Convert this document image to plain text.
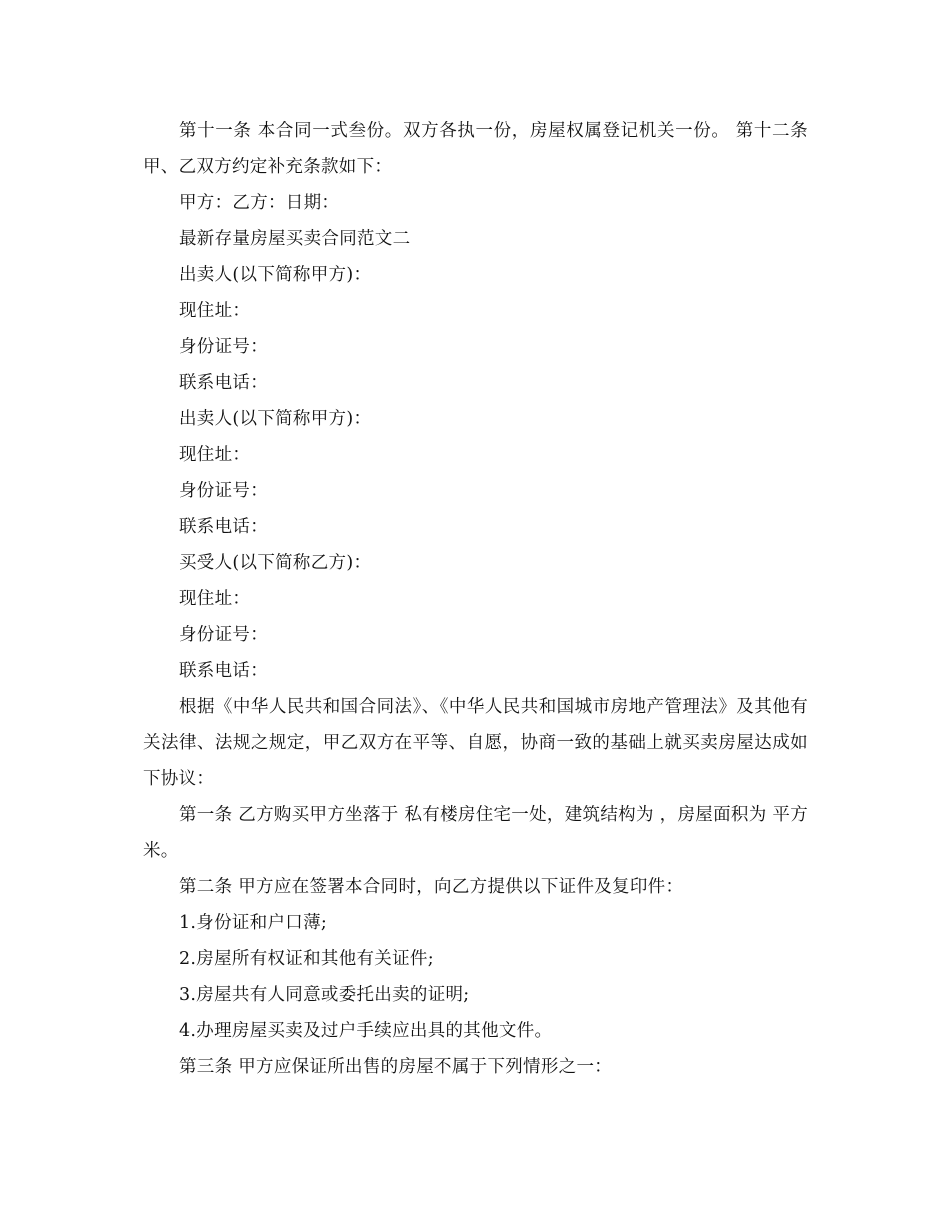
第十一条 本合同一式叁份。双方各执一份，房屋权属登记机关一份。 第十二条 甲、乙双方约定补充条款如下：

甲方：乙方：日期：

最新存量房屋买卖合同范文二

出卖人(以下简称甲方)：

现住址：

身份证号：

联系电话：

出卖人(以下简称甲方)：

现住址：

身份证号：

联系电话：

买受人(以下简称乙方)：

现住址：

身份证号：

联系电话：

根据《中华人民共和国合同法》、《中华人民共和国城市房地产管理法》及其他有关法律、法规之规定，甲乙双方在平等、自愿，协商一致的基础上就买卖房屋达成如下协议：

第一条 乙方购买甲方坐落于 私有楼房住宅一处，建筑结构为 ，房屋面积为 平方米。

第二条 甲方应在签署本合同时，向乙方提供以下证件及复印件：

1.身份证和户口薄;

2.房屋所有权证和其他有关证件;

3.房屋共有人同意或委托出卖的证明;

4.办理房屋买卖及过户手续应出具的其他文件。

第三条 甲方应保证所出售的房屋不属于下列情形之一：
